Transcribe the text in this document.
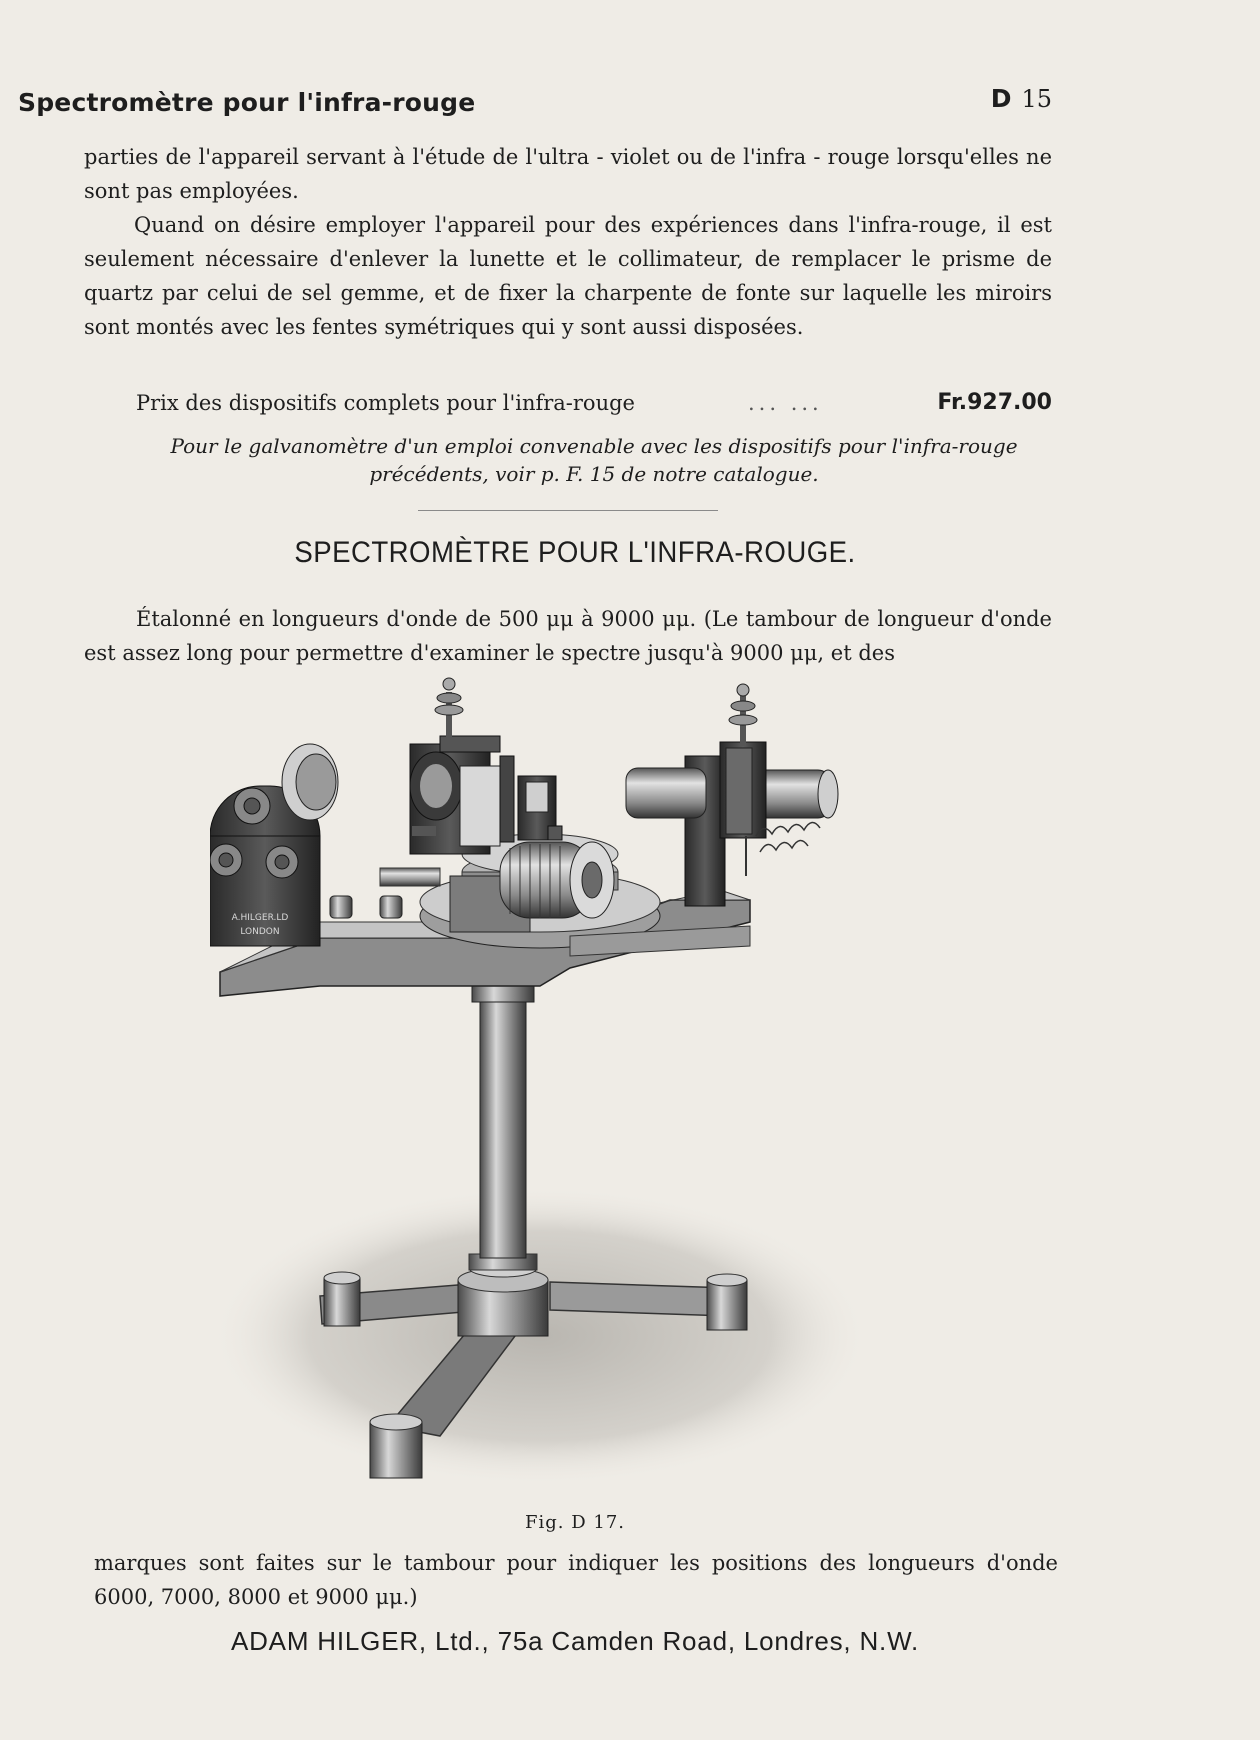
Spectromètre pour l'infra-rouge	D 15

parties de l'appareil servant à l'étude de l'ultra - violet ou de l'infra - rouge lorsqu'elles ne sont pas employées.

Quand on désire employer l'appareil pour des expériences dans l'infra-rouge, il est seulement nécessaire d'enlever la lunette et le collimateur, de remplacer le prisme de quartz par celui de sel gemme, et de fixer la charpente de fonte sur laquelle les miroirs sont montés avec les fentes symétriques qui y sont aussi disposées.

Prix des dispositifs complets pour l'infra-rouge	... ...	Fr.927.00

Pour le galvanomètre d'un emploi convenable avec les dispositifs pour l'infra-rouge précédents, voir p. F. 15 de notre catalogue.

SPECTROMÈTRE POUR L'INFRA-ROUGE.

Étalonné en longueurs d'onde de 500 μμ à 9000 μμ. (Le tambour de longueur d'onde est assez long pour permettre d'examiner le spectre jusqu'à 9000 μμ, et des

A.HILGER.LD
LONDON
Fig. D 17.

marques sont faites sur le tambour pour indiquer les positions des longueurs d'onde 6000, 7000, 8000 et 9000 μμ.)

ADAM HILGER, Ltd., 75a Camden Road, Londres, N.W.
